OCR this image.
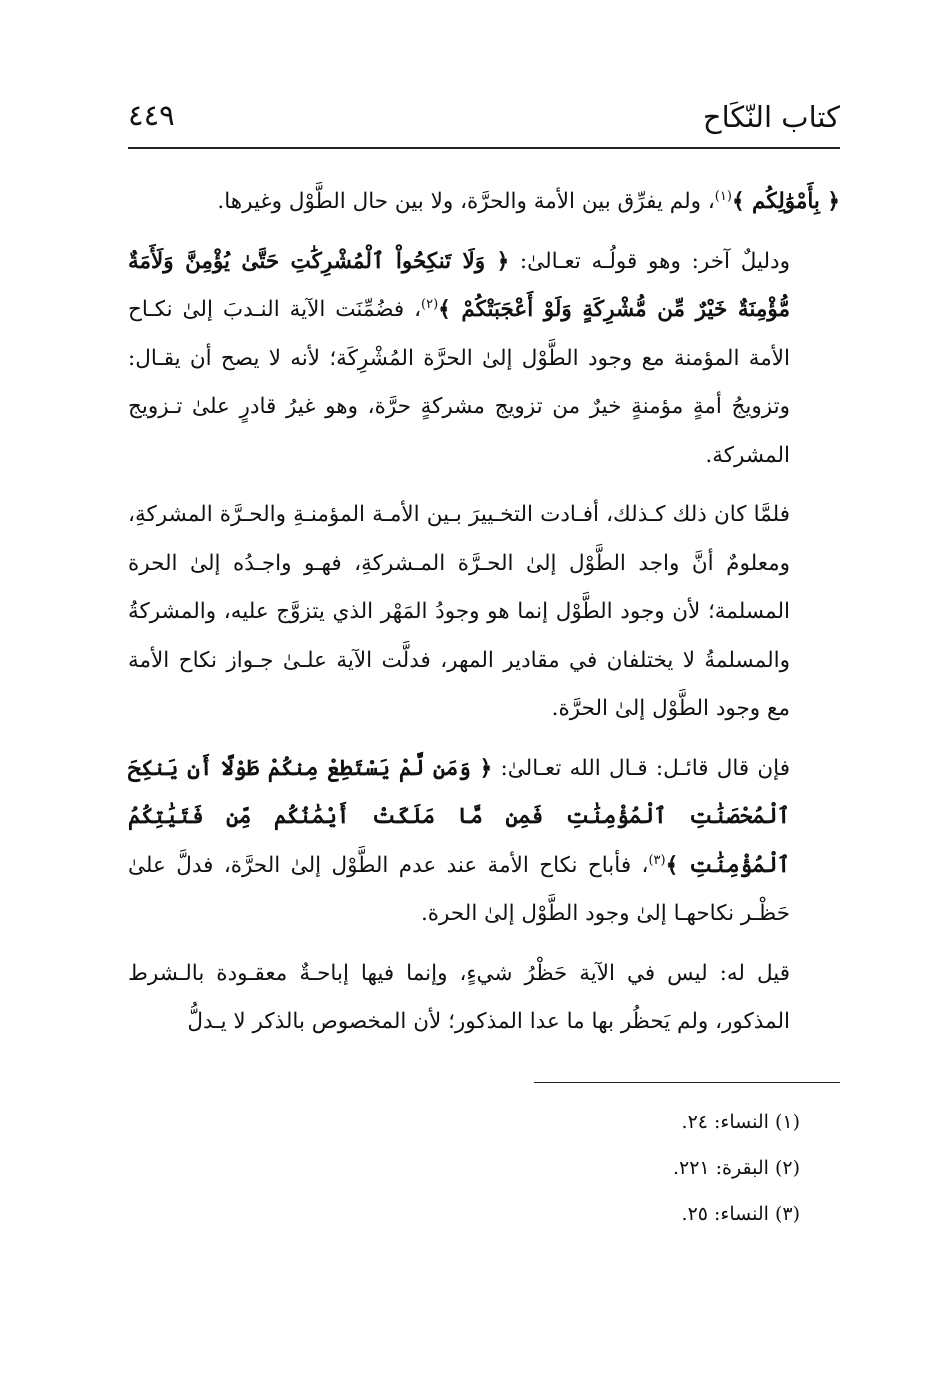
كتاب النّكَاح
٤٤٩

﴿ بِأَمْوَٰلِكُم ﴾$^{(١)}$، ولم يفرِّق بين الأمة والحرَّة، ولا بين حال الطَّوْل وغيرها.

ودليلٌ آخر: وهو قولُـه تعـالىٰ: ﴿ وَلَا تَنكِحُواْ ٱلْمُشْرِكَٰتِ حَتَّىٰ يُؤْمِنَّ وَلَأَمَةٌ مُّؤْمِنَةٌ خَيْرٌ مِّن مُّشْرِكَةٍ وَلَوْ أَعْجَبَتْكُمْ ﴾$^{(٢)}$، فضُمِّنَت الآية النـدبَ إلىٰ نكـاح الأمة المؤمنة مع وجود الطَّوْل إلىٰ الحرَّة المُشْرِكَة؛ لأنه لا يصح أن يقـال: وتزويجُ أمةٍ مؤمنةٍ خيرٌ من تزويج مشركةٍ حرَّة، وهو غيرُ قادرٍ علىٰ تـزويج المشركة.

فلمَّا كان ذلك كـذلك، أفـادت التخـييرَ بـين الأمـة المؤمنـةِ والحـرَّة المشركةِ، ومعلومٌ أنَّ واجد الطَّوْل إلىٰ الحـرَّة المـشركةِ، فهـو واجـدُه إلىٰ الحرة المسلمة؛ لأن وجود الطَّوْل إنما هو وجودُ المَهْر الذي يتزوَّج عليه، والمشركةُ والمسلمةُ لا يختلفان في مقادير المهر، فدلَّت الآية علـىٰ جـواز نكاح الأمة مع وجود الطَّوْل إلىٰ الحرَّة.

فإن قال قائـل: قـال الله تعـالىٰ: ﴿ وَمَن لَّمْ يَسْتَطِعْ مِنكُمْ طَوْلًا أَن يَنكِحَ ٱلْمُحْصَنَٰتِ ٱلْمُؤْمِنَٰتِ فَمِن مَّا مَلَكَتْ أَيْمَٰنُكُم مِّن فَتَيَٰتِكُمُ ٱلْمُؤْمِنَٰتِ ﴾$^{(٣)}$، فأباح نكاح الأمة عند عدم الطَّوْل إلىٰ الحرَّة، فدلَّ علىٰ حَظْـر نكاحهـا إلىٰ وجود الطَّوْل إلىٰ الحرة.

قيل له: ليس في الآية حَظْرُ شيءٍ، وإنما فيها إباحـةٌ معقـودة بالـشرط المذكور، ولم يَحظُر بها ما عدا المذكور؛ لأن المخصوص بالذكر لا يـدلُّ

(١) النساء: ٢٤.
(٢) البقرة: ٢٢١.
(٣) النساء: ٢٥.
